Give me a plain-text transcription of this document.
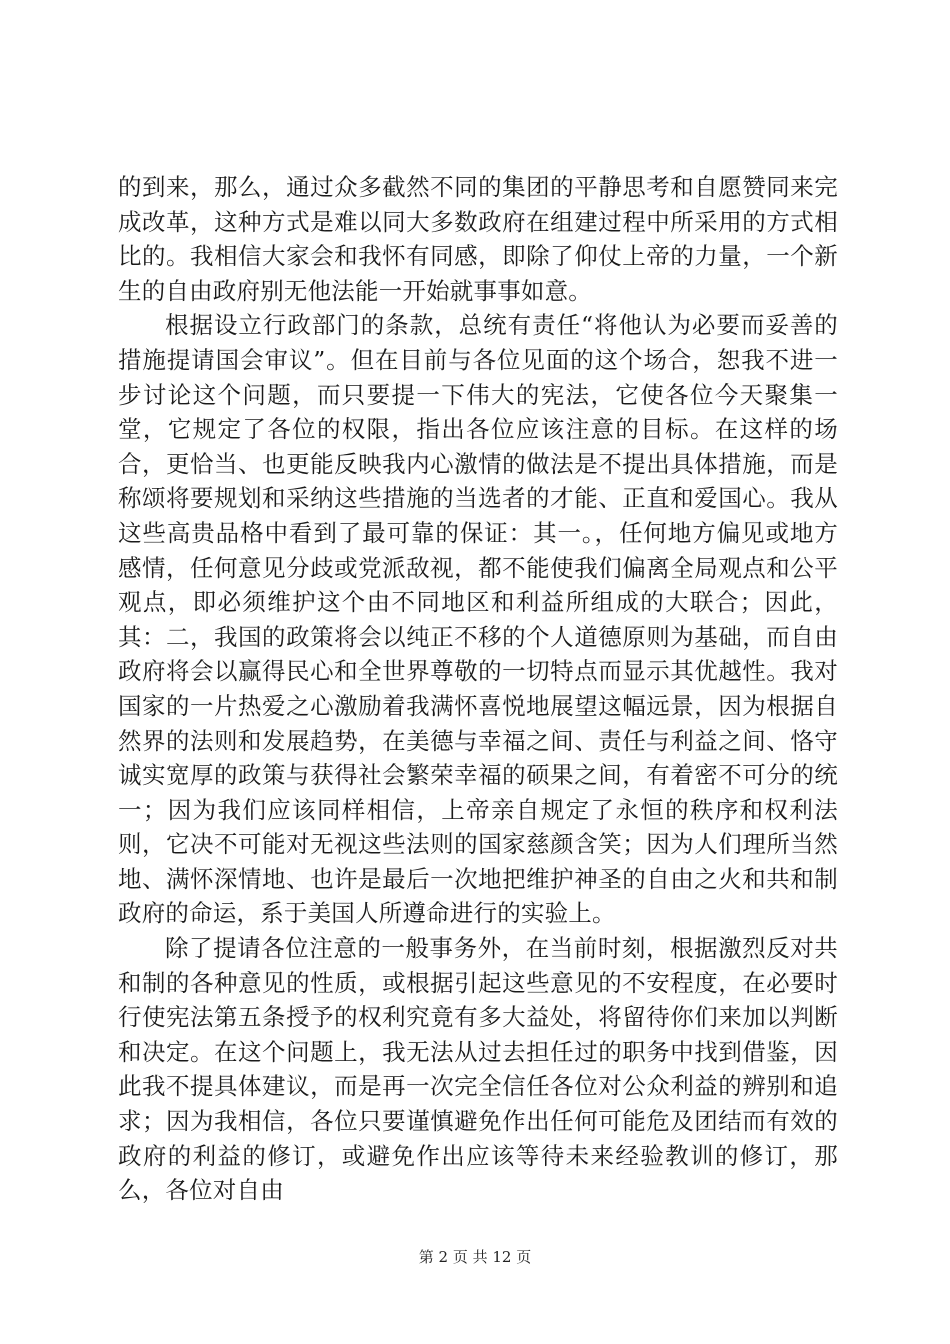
的到来，那么，通过众多截然不同的集团的平静思考和自愿赞同来完成改革，这种方式是难以同大多数政府在组建过程中所采用的方式相比的。我相信大家会和我怀有同感，即除了仰仗上帝的力量，一个新生的自由政府别无他法能一开始就事事如意。

根据设立行政部门的条款，总统有责任“将他认为必要而妥善的措施提请国会审议”。但在目前与各位见面的这个场合，恕我不进一步讨论这个问题，而只要提一下伟大的宪法，它使各位今天聚集一堂，它规定了各位的权限，指出各位应该注意的目标。在这样的场合，更恰当、也更能反映我内心激情的做法是不提出具体措施，而是称颂将要规划和采纳这些措施的当选者的才能、正直和爱国心。我从这些高贵品格中看到了最可靠的保证：其一。，任何地方偏见或地方感情，任何意见分歧或党派敌视，都不能使我们偏离全局观点和公平观点，即必须维护这个由不同地区和利益所组成的大联合；因此，其：二，我国的政策将会以纯正不移的个人道德原则为基础，而自由政府将会以赢得民心和全世界尊敬的一切特点而显示其优越性。我对国家的一片热爱之心激励着我满怀喜悦地展望这幅远景，因为根据自然界的法则和发展趋势，在美德与幸福之间、责任与利益之间、恪守诚实宽厚的政策与获得社会繁荣幸福的硕果之间，有着密不可分的统一；因为我们应该同样相信，上帝亲自规定了永恒的秩序和权利法则，它决不可能对无视这些法则的国家慈颜含笑；因为人们理所当然地、满怀深情地、也许是最后一次地把维护神圣的自由之火和共和制政府的命运，系于美国人所遵命进行的实验上。

除了提请各位注意的一般事务外，在当前时刻，根据激烈反对共和制的各种意见的性质，或根据引起这些意见的不安程度，在必要时行使宪法第五条授予的权利究竟有多大益处，将留待你们来加以判断和决定。在这个问题上，我无法从过去担任过的职务中找到借鉴，因此我不提具体建议，而是再一次完全信任各位对公众利益的辨别和追求；因为我相信，各位只要谨慎避免作出任何可能危及团结而有效的政府的利益的修订，或避免作出应该等待未来经验教训的修订，那么，各位对自由

第 2 页 共 12 页
